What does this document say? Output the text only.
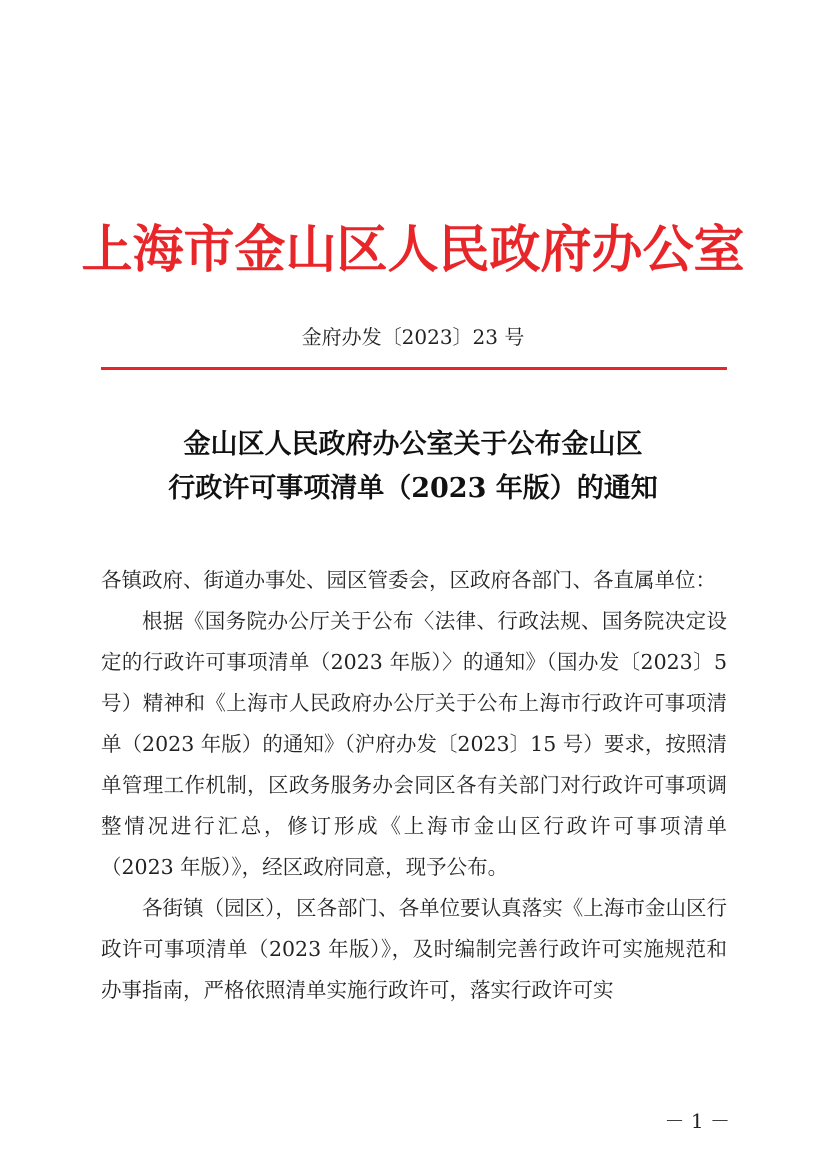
上海市金山区人民政府办公室
金府办发〔2023〕23 号
金山区人民政府办公室关于公布金山区
行政许可事项清单（2023 年版）的通知

各镇政府、街道办事处、园区管委会，区政府各部门、各直属单位：

根据《国务院办公厅关于公布〈法律、行政法规、国务院决定设定的行政许可事项清单（2023 年版）〉的通知》（国办发〔2023〕5 号）精神和《上海市人民政府办公厅关于公布上海市行政许可事项清单（2023 年版）的通知》（沪府办发〔2023〕15 号）要求，按照清单管理工作机制，区政务服务办会同区各有关部门对行政许可事项调整情况进行汇总，修订形成《上海市金山区行政许可事项清单（2023 年版）》，经区政府同意，现予公布。

各街镇（园区），区各部门、各单位要认真落实《上海市金山区行政许可事项清单（2023 年版）》，及时编制完善行政许可实施规范和办事指南，严格依照清单实施行政许可，落实行政许可实

－ 1 －
